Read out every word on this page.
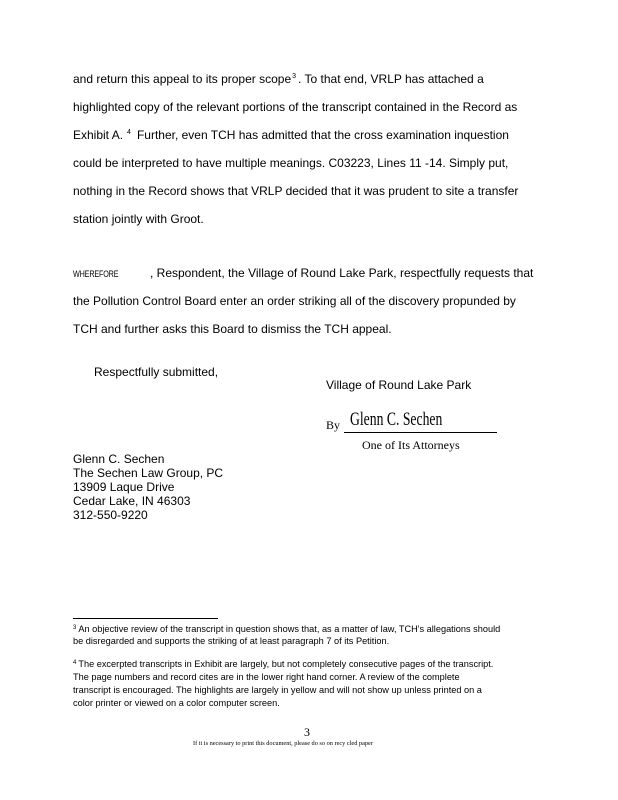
and return this appeal to its proper scope$^3$ . To that end, VRLP has attached a
highlighted copy of the relevant portions of the transcript contained in the Record as
Exhibit A. $^4$ Further, even TCH has admitted that the cross examination inquestion
could be interpreted to have multiple meanings. C03223, Lines 11 -14. Simply put,
nothing in the Record shows that VRLP decided that it was prudent to site a transfer
station jointly with Groot.
WHEREFORE	, Respondent, the Village of Round Lake Park, respectfully requests that
the Pollution Control Board enter an order striking all of the discovery propunded by
TCH and further asks this Board to dismiss the TCH appeal.
Respectfully submitted,
Village of Round Lake Park
By Glenn C. Sechen
One of Its Attorneys
Glenn C. Sechen
The Sechen Law Group, PC
13909 Laque Drive
Cedar Lake, IN 46303
312-550-9220
$^3$ An objective review of the transcript in question shows that, as a matter of law, TCH's allegations should
be disregarded and supports the striking of at least paragraph 7 of its Petition.
$^4$ The excerpted transcripts in Exhibit are largely, but not completely consecutive pages of the transcript.
The page numbers and record cites are in the lower right hand corner. A review of the complete
transcript is encouraged. The highlights are largely in yellow and will not show up unless printed on a
color printer or viewed on a color computer screen.
3
If it is necessary to print this document, please do so on recy cled paper
